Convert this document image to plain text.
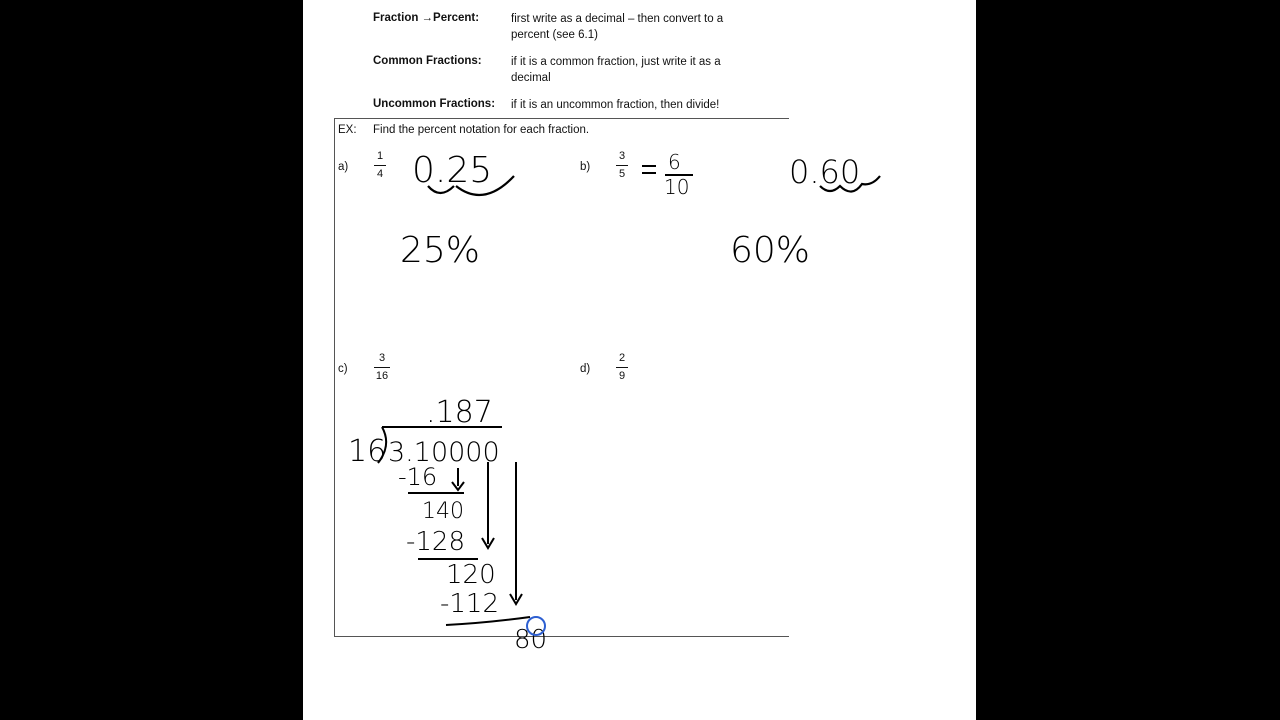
Fraction →Percent:	first write as a decimal – then convert to a percent (see 6.1)
Common Fractions:	if it is a common fraction, just write it as a decimal
Uncommon Fractions: if it is an uncommon fraction, then divide!
EX: Find the percent notation for each fraction.
a)
1
4
b)
3
5
c)
3
16
d)
2
9
0.25
25%
6
10	0.60
60%
.187
16 3.10000
-16
140
-128
120
-112
80
